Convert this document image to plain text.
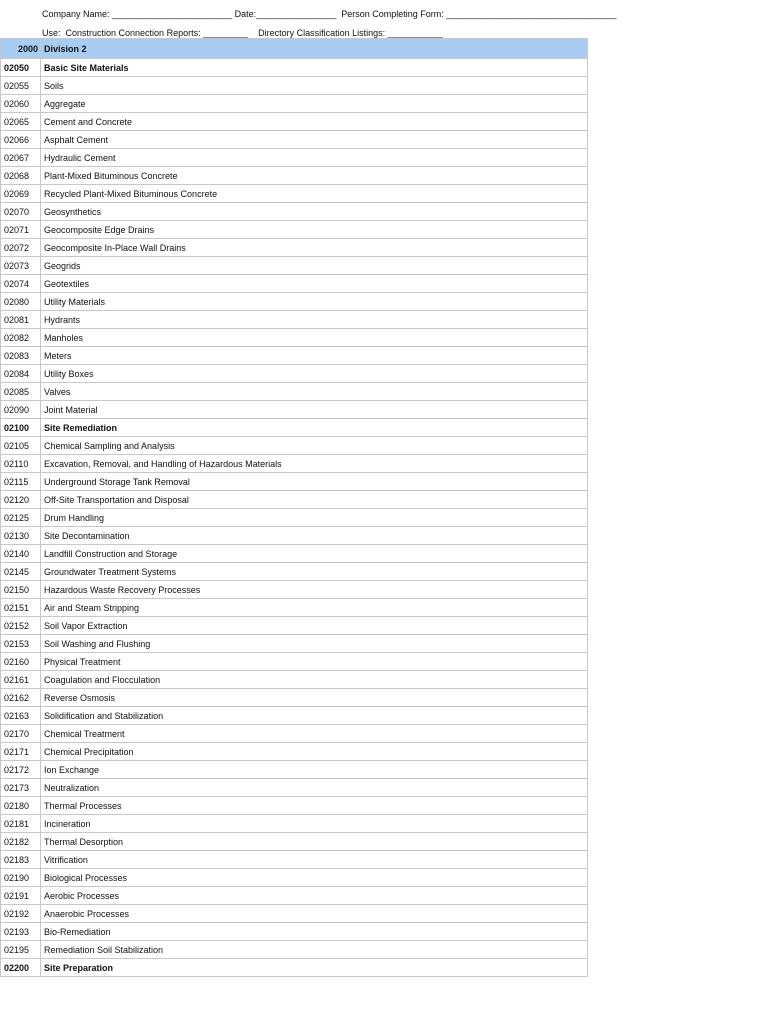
Company Name: ________________________ Date:________________  Person Completing Form: __________________________________
Use:  Construction Connection Reports: _________    Directory Classification Listings: ___________
2000	Division 2
02050	Basic Site Materials
02055	Soils
02060	Aggregate
02065	Cement and Concrete
02066	Asphalt Cement
02067	Hydraulic Cement
02068	Plant-Mixed Bituminous Concrete
02069	Recycled Plant-Mixed Bituminous Concrete
02070	Geosynthetics
02071	Geocomposite Edge Drains
02072	Geocomposite In-Place Wall Drains
02073	Geogrids
02074	Geotextiles
02080	Utility Materials
02081	Hydrants
02082	Manholes
02083	Meters
02084	Utility Boxes
02085	Valves
02090	Joint Material
02100	Site Remediation
02105	Chemical Sampling and Analysis
02110	Excavation, Removal, and Handling of Hazardous Materials
02115	Underground Storage Tank Removal
02120	Off-Site Transportation and Disposal
02125	Drum Handling
02130	Site Decontamination
02140	Landfill Construction and Storage
02145	Groundwater Treatment Systems
02150	Hazardous Waste Recovery Processes
02151	Air and Steam Stripping
02152	Soil Vapor Extraction
02153	Soil Washing and Flushing
02160	Physical Treatment
02161	Coagulation and Flocculation
02162	Reverse Osmosis
02163	Solidification and Stabilization
02170	Chemical Treatment
02171	Chemical Precipitation
02172	Ion Exchange
02173	Neutralization
02180	Thermal Processes
02181	Incineration
02182	Thermal Desorption
02183	Vitrification
02190	Biological Processes
02191	Aerobic Processes
02192	Anaerobic Processes
02193	Bio-Remediation
02195	Remediation Soil Stabilization
02200	Site Preparation
